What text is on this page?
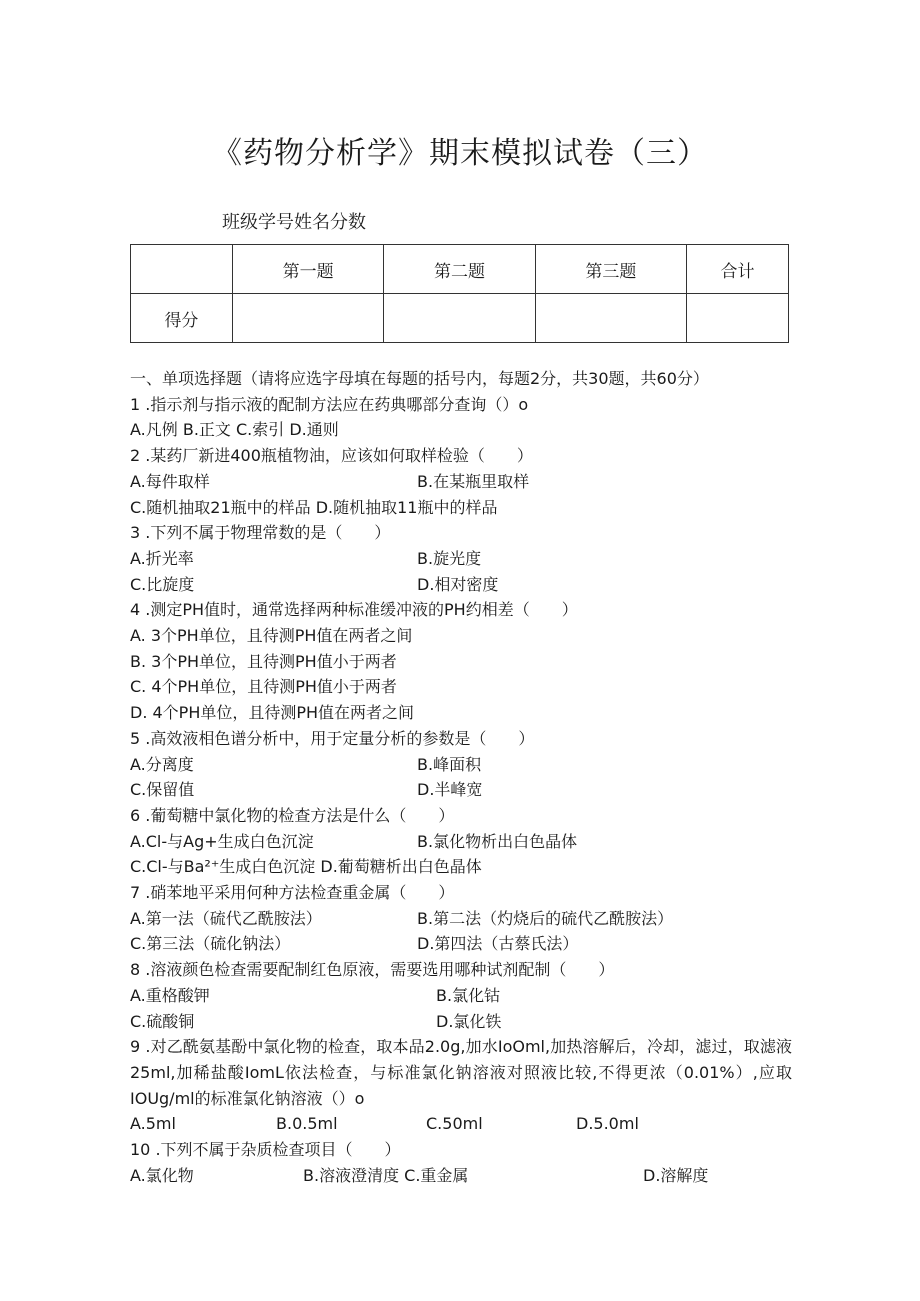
《药物分析学》期末模拟试卷（三）
班级学号姓名分数
	第一题	第二题	第三题	合计
得分				
一、单项选择题（请将应选字母填在每题的括号内，每题2分，共30题，共60分）
1 .指示剂与指示液的配制方法应在药典哪部分查询（）o
A.凡例 B.正文 C.索引 D.通则
2 .某药厂新进400瓶植物油，应该如何取样检验（　　）
A.每件取样	B.在某瓶里取样
C.随机抽取21瓶中的样品 D.随机抽取11瓶中的样品
3 .下列不属于物理常数的是（　　）
A.折光率	B.旋光度
C.比旋度	D.相对密度
4 .测定PH值时，通常选择两种标准缓冲液的PH约相差（　　）
A. 3个PH单位，且待测PH值在两者之间
B. 3个PH单位，且待测PH值小于两者
C. 4个PH单位，且待测PH值小于两者
D. 4个PH单位，且待测PH值在两者之间
5 .高效液相色谱分析中，用于定量分析的参数是（　　）
A.分离度	B.峰面积
C.保留值	D.半峰宽
6 .葡萄糖中氯化物的检查方法是什么（　　）
A.Cl-与Ag+生成白色沉淀	B.氯化物析出白色晶体
C.Cl-与Ba²⁺生成白色沉淀 D.葡萄糖析出白色晶体
7 .硝苯地平采用何种方法检查重金属（　　）
A.第一法（硫代乙酰胺法）	B.第二法（灼烧后的硫代乙酰胺法）
C.第三法（硫化钠法）	D.第四法（古蔡氏法）
8 .溶液颜色检查需要配制红色原液，需要选用哪种试剂配制（　　）
A.重格酸钾	B.氯化钴
C.硫酸铜	D.氯化铁
9 .对乙酰氨基酚中氯化物的检查，取本品2.0g,加水IoOml,加热溶解后，冷却，滤过，取滤液25ml,加稀盐酸IomL依法检查，与标准氯化钠溶液对照液比较,不得更浓（0.01%）,应取IOUg/ml的标准氯化钠溶液（）o
A.5ml	B.0.5ml	C.50ml	D.5.0ml
10 .下列不属于杂质检查项目（　　）
A.氯化物	B.溶液澄清度 C.重金属	D.溶解度
